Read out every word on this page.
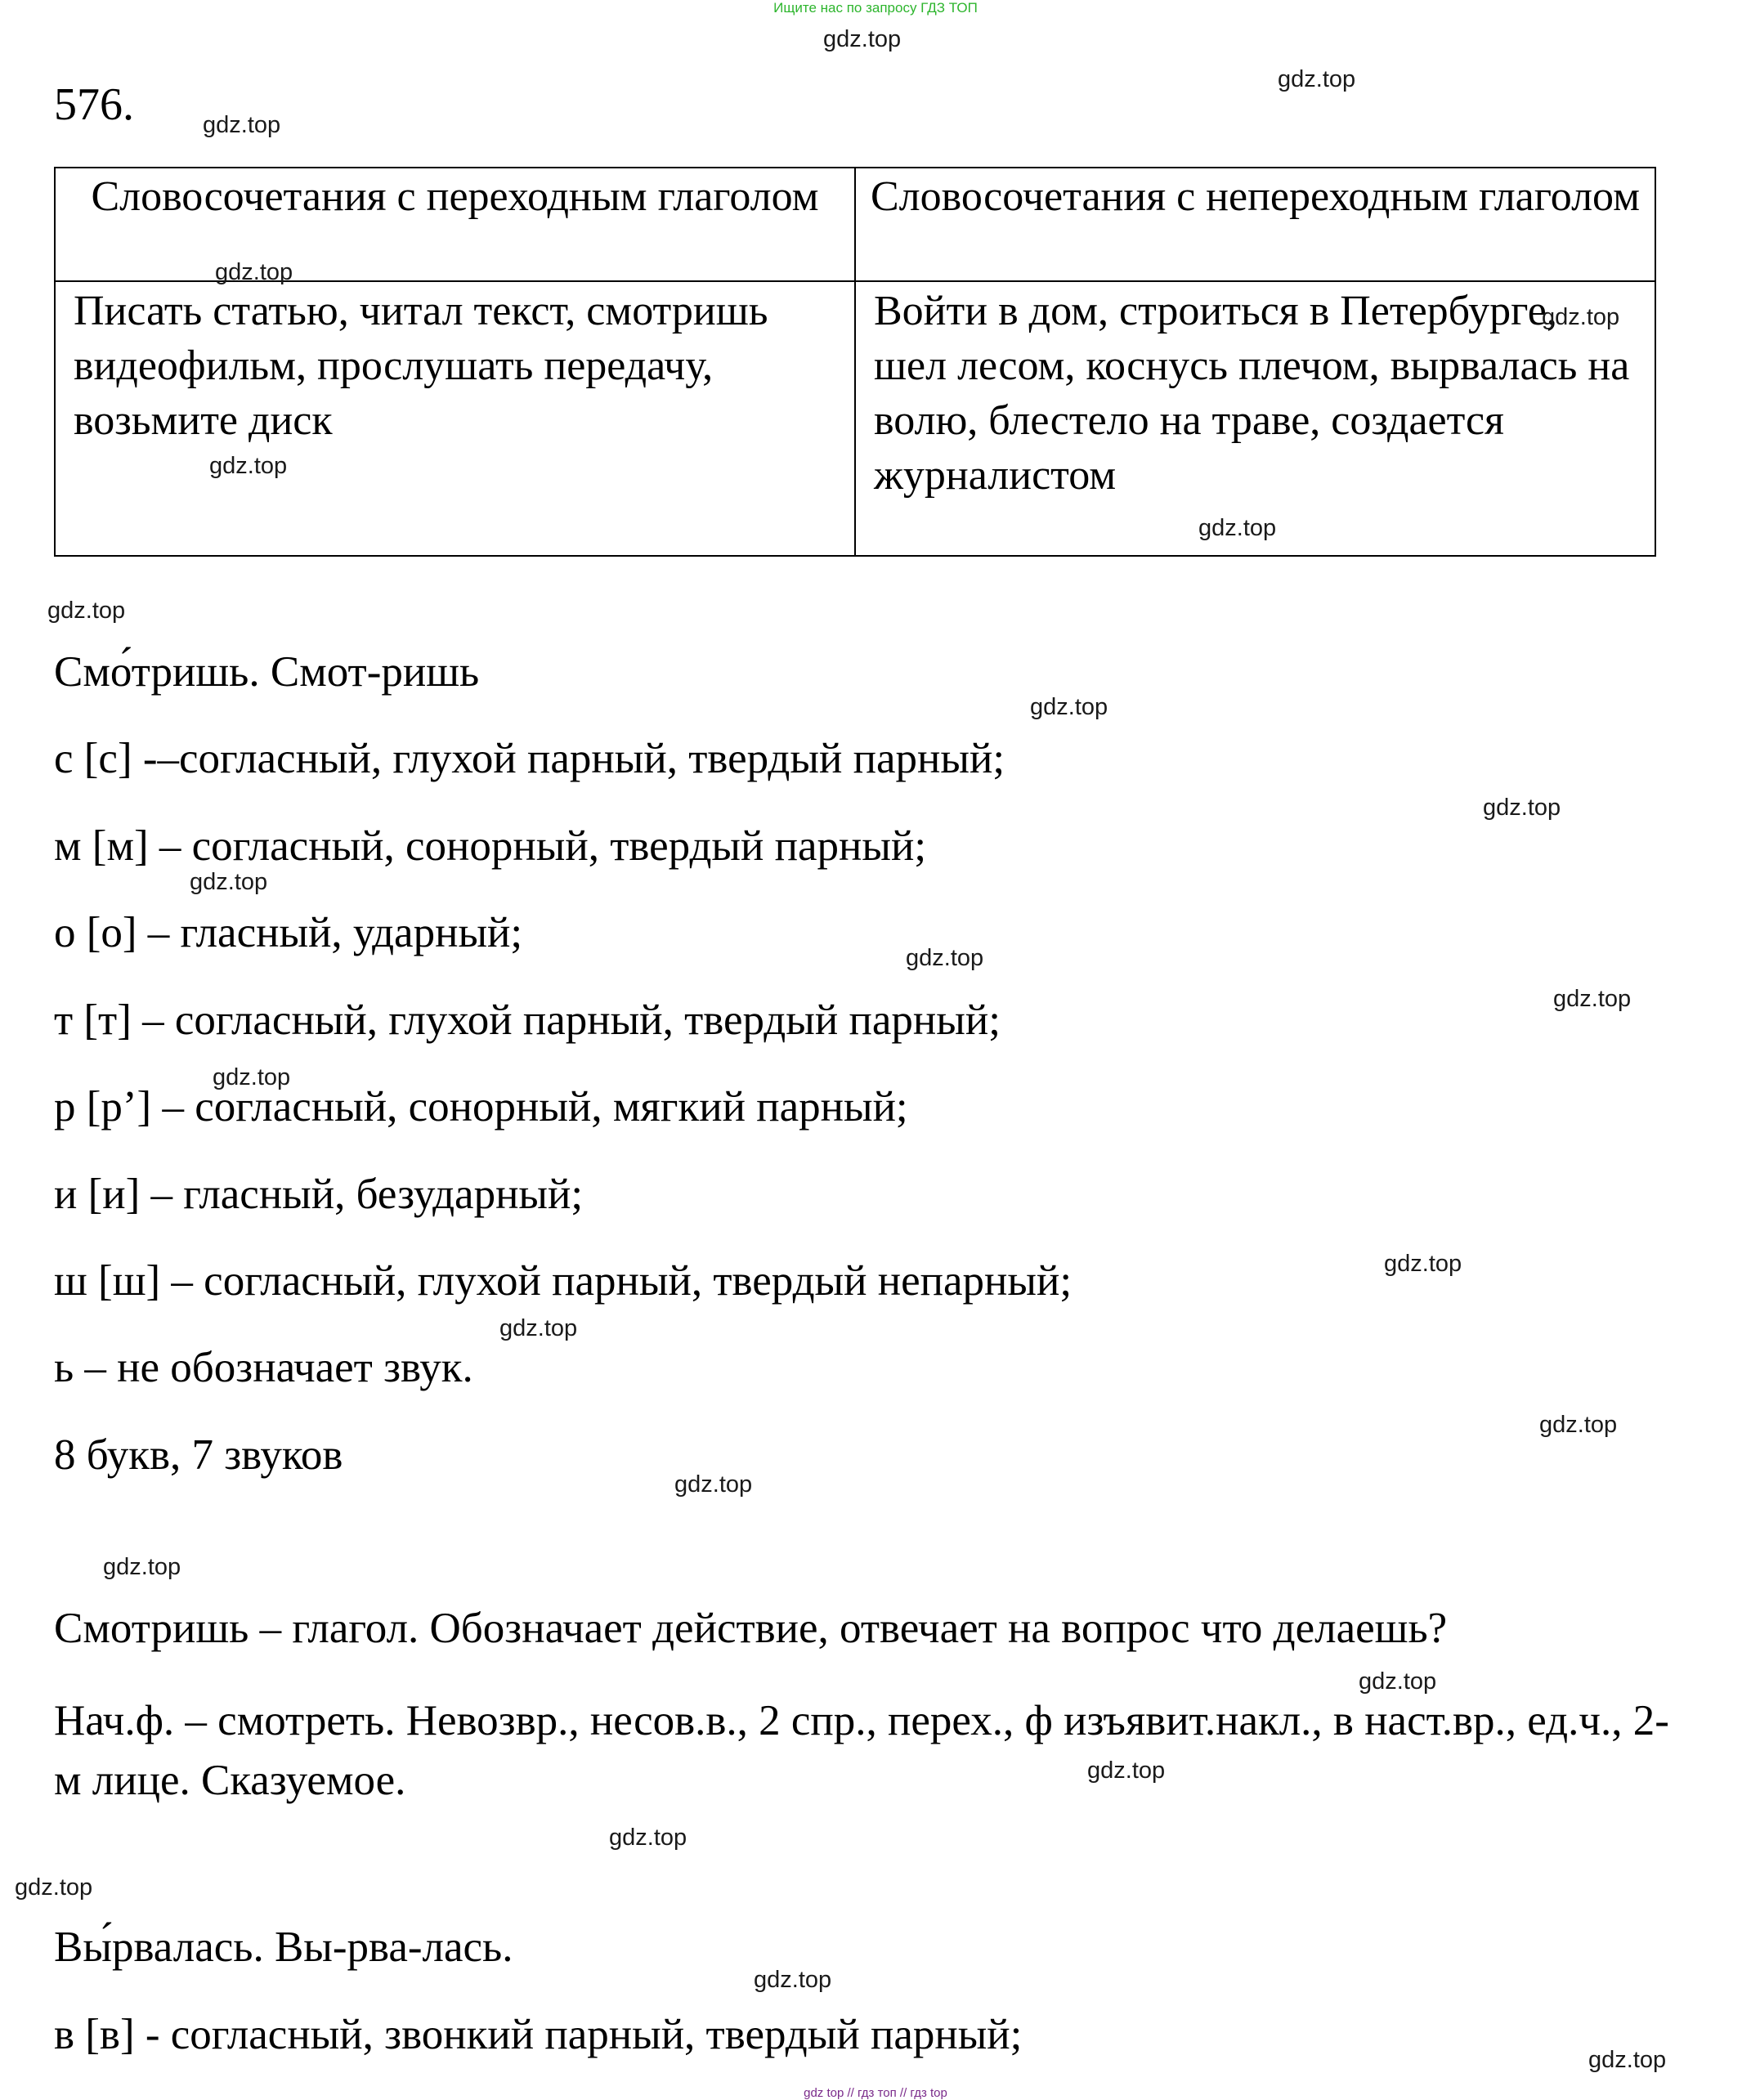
Ищите нас по запросу ГДЗ ТОП
576.
Словосочетания с переходным глаголом	Словосочетания с непереходным глаголом
Писать статью, читал текст, смотришь видеофильм, прослушать передачу, возьмите диск	Войти в дом, строиться в Петербурге, шел лесом, коснусь плечом, вырвалась на волю, блестело на траве, создается журналистом
Смо́тришь. Смот-ришь
с [с] -–согласный, глухой парный, твердый парный;
м [м] – согласный, сонорный, твердый парный;
о [о] – гласный, ударный;
т [т] – согласный, глухой парный, твердый парный;
р [р’] – согласный, сонорный, мягкий парный;
и [и] – гласный, безударный;
ш [ш] – согласный, глухой парный, твердый непарный;
ь – не обозначает звук.
8 букв, 7 звуков
Смотришь – глагол. Обозначает действие, отвечает на вопрос что делаешь?
Нач.ф. – смотреть. Невозвр., несов.в., 2 спр., перех., ф изъявит.накл., в наст.вр., ед.ч., 2-м лице. Сказуемое.
Вы́рвалась. Вы-рва-лась.
в [в] - согласный, звонкий парный, твердый парный;
gdz.top
gdz.top
gdz.top
gdz.top
gdz.top
gdz.top
gdz.top
gdz.top
gdz.top
gdz.top
gdz.top
gdz.top
gdz.top
gdz.top
gdz.top
gdz.top
gdz.top
gdz.top
gdz.top
gdz.top
gdz.top
gdz.top
gdz.top
gdz.top
gdz.top
gdz top // гдз топ // гдз top
